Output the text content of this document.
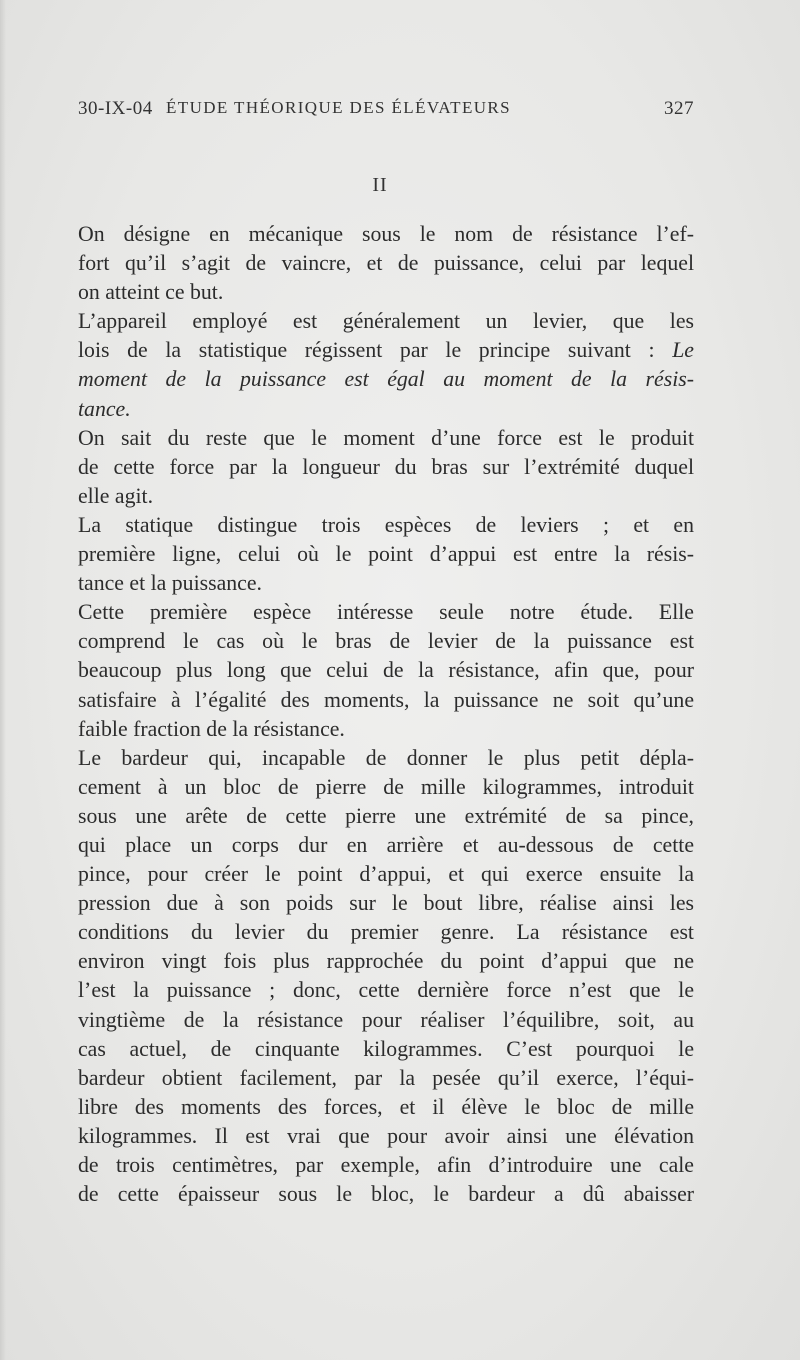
30-IX-04 ÉTUDE THÉORIQUE DES ÉLÉVATEURS	327
II
On désigne en mécanique sous le nom de résistance l’ef-
fort qu’il s’agit de vaincre, et de puissance, celui par lequel
on atteint ce but.
L’appareil employé est généralement un levier, que les
lois de la statistique régissent par le principe suivant : Le
moment de la puissance est égal au moment de la résis-
tance.
On sait du reste que le moment d’une force est le produit
de cette force par la longueur du bras sur l’extrémité duquel
elle agit.
La statique distingue trois espèces de leviers ; et en
première ligne, celui où le point d’appui est entre la résis-
tance et la puissance.
Cette première espèce intéresse seule notre étude. Elle
comprend le cas où le bras de levier de la puissance est
beaucoup plus long que celui de la résistance, afin que, pour
satisfaire à l’égalité des moments, la puissance ne soit qu’une
faible fraction de la résistance.
Le bardeur qui, incapable de donner le plus petit dépla-
cement à un bloc de pierre de mille kilogrammes, introduit
sous une arête de cette pierre une extrémité de sa pince,
qui place un corps dur en arrière et au-dessous de cette
pince, pour créer le point d’appui, et qui exerce ensuite la
pression due à son poids sur le bout libre, réalise ainsi les
conditions du levier du premier genre. La résistance est
environ vingt fois plus rapprochée du point d’appui que ne
l’est la puissance ; donc, cette dernière force n’est que le
vingtième de la résistance pour réaliser l’équilibre, soit, au
cas actuel, de cinquante kilogrammes. C’est pourquoi le
bardeur obtient facilement, par la pesée qu’il exerce, l’équi-
libre des moments des forces, et il élève le bloc de mille
kilogrammes. Il est vrai que pour avoir ainsi une élévation
de trois centimètres, par exemple, afin d’introduire une cale
de cette épaisseur sous le bloc, le bardeur a dû abaisser
